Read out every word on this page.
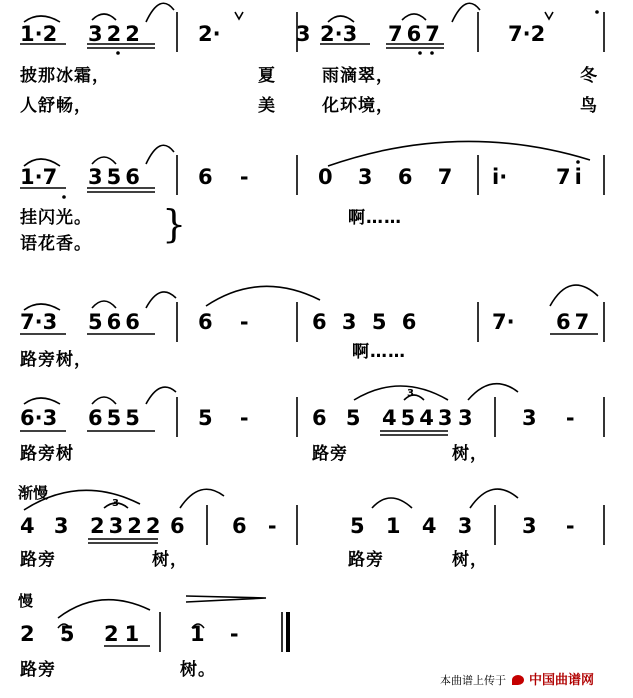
3
3
1·2 322	2· 3 2·3 767	7·2
披那冰霜，	夏	雨滴翠，	冬
人舒畅，	美	化环境，	鸟
1·7 356	6 -	0 3 6 7 i· 7i
挂闪光。	啊……
语花香。 }
7·3 566	6 -	6 3 5 6	7· 67
路旁树，	啊……
6·3 655	5 -	6 5 4543 3 3 -
路旁树	路旁	树，
渐慢
4 3 2322 6 6 -	5 1 4 3 3 -
路旁	树，	路旁	树，
慢
2 5 21 1 -
路旁	树。
本曲谱上传于 中国曲谱网
